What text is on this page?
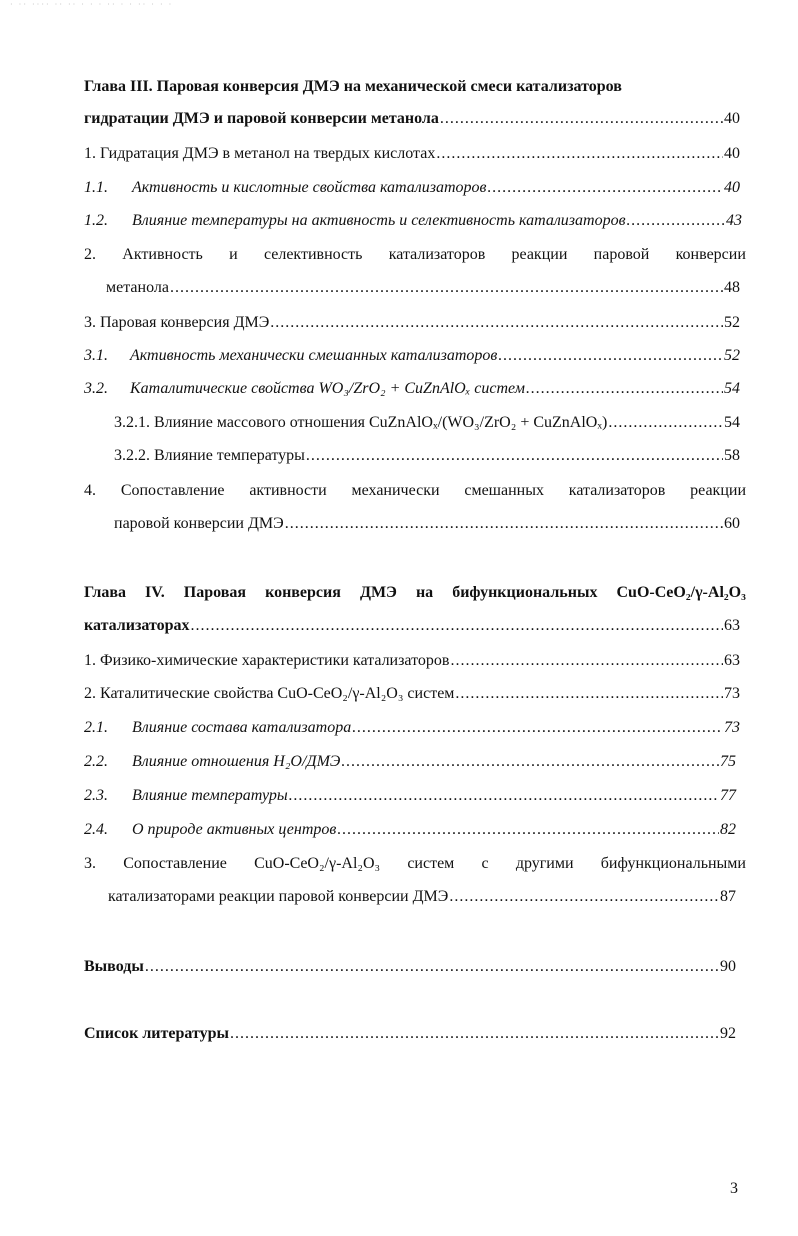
· ·· ···· ·· ·· · · · ·· · · ·· · · ·
Глава III. Паровая конверсия ДМЭ на механической смеси катализаторов
гидратации ДМЭ и паровой конверсии метанола .....	40
1. Гидратация ДМЭ в метанол на твердых кислотах .....	40
1.1.	Активность и кислотные свойства катализаторов .....	40
1.2.	Влияние температуры на активность и селективность катализаторов .....	43
2. Активность и селективность катализаторов реакции паровой конверсии
метанола .....	48
3. Паровая конверсия ДМЭ .....	52
3.1.	Активность механически смешанных катализаторов .....	52
3.2.	Каталитические свойства WO₃/ZrO₂ + CuZnAlOₓ систем .....	54
3.2.1. Влияние массового отношения CuZnAlOₓ/(WO₃/ZrO₂ + CuZnAlOₓ) .....	54
3.2.2. Влияние температуры .....	58
4. Сопоставление активности механически смешанных катализаторов реакции
паровой конверсии ДМЭ .....	60
Глава IV. Паровая конверсия ДМЭ на бифункциональных CuO-CeO₂/γ-Al₂O₃
катализаторах .....	63
1. Физико-химические характеристики катализаторов .....	63
2. Каталитические свойства CuO-CeO₂/γ-Al₂O₃ систем .....	73
2.1.	Влияние состава катализатора .....	73
2.2.	Влияние отношения H₂O/ДМЭ .....	75
2.3.	Влияние температуры .....	77
2.4.	О природе активных центров .....	82
3. Сопоставление CuO-CeO₂/γ-Al₂O₃ систем с другими бифункциональными
катализаторами реакции паровой конверсии ДМЭ .....	87
Выводы .....	90
Список литературы .....	92
3
